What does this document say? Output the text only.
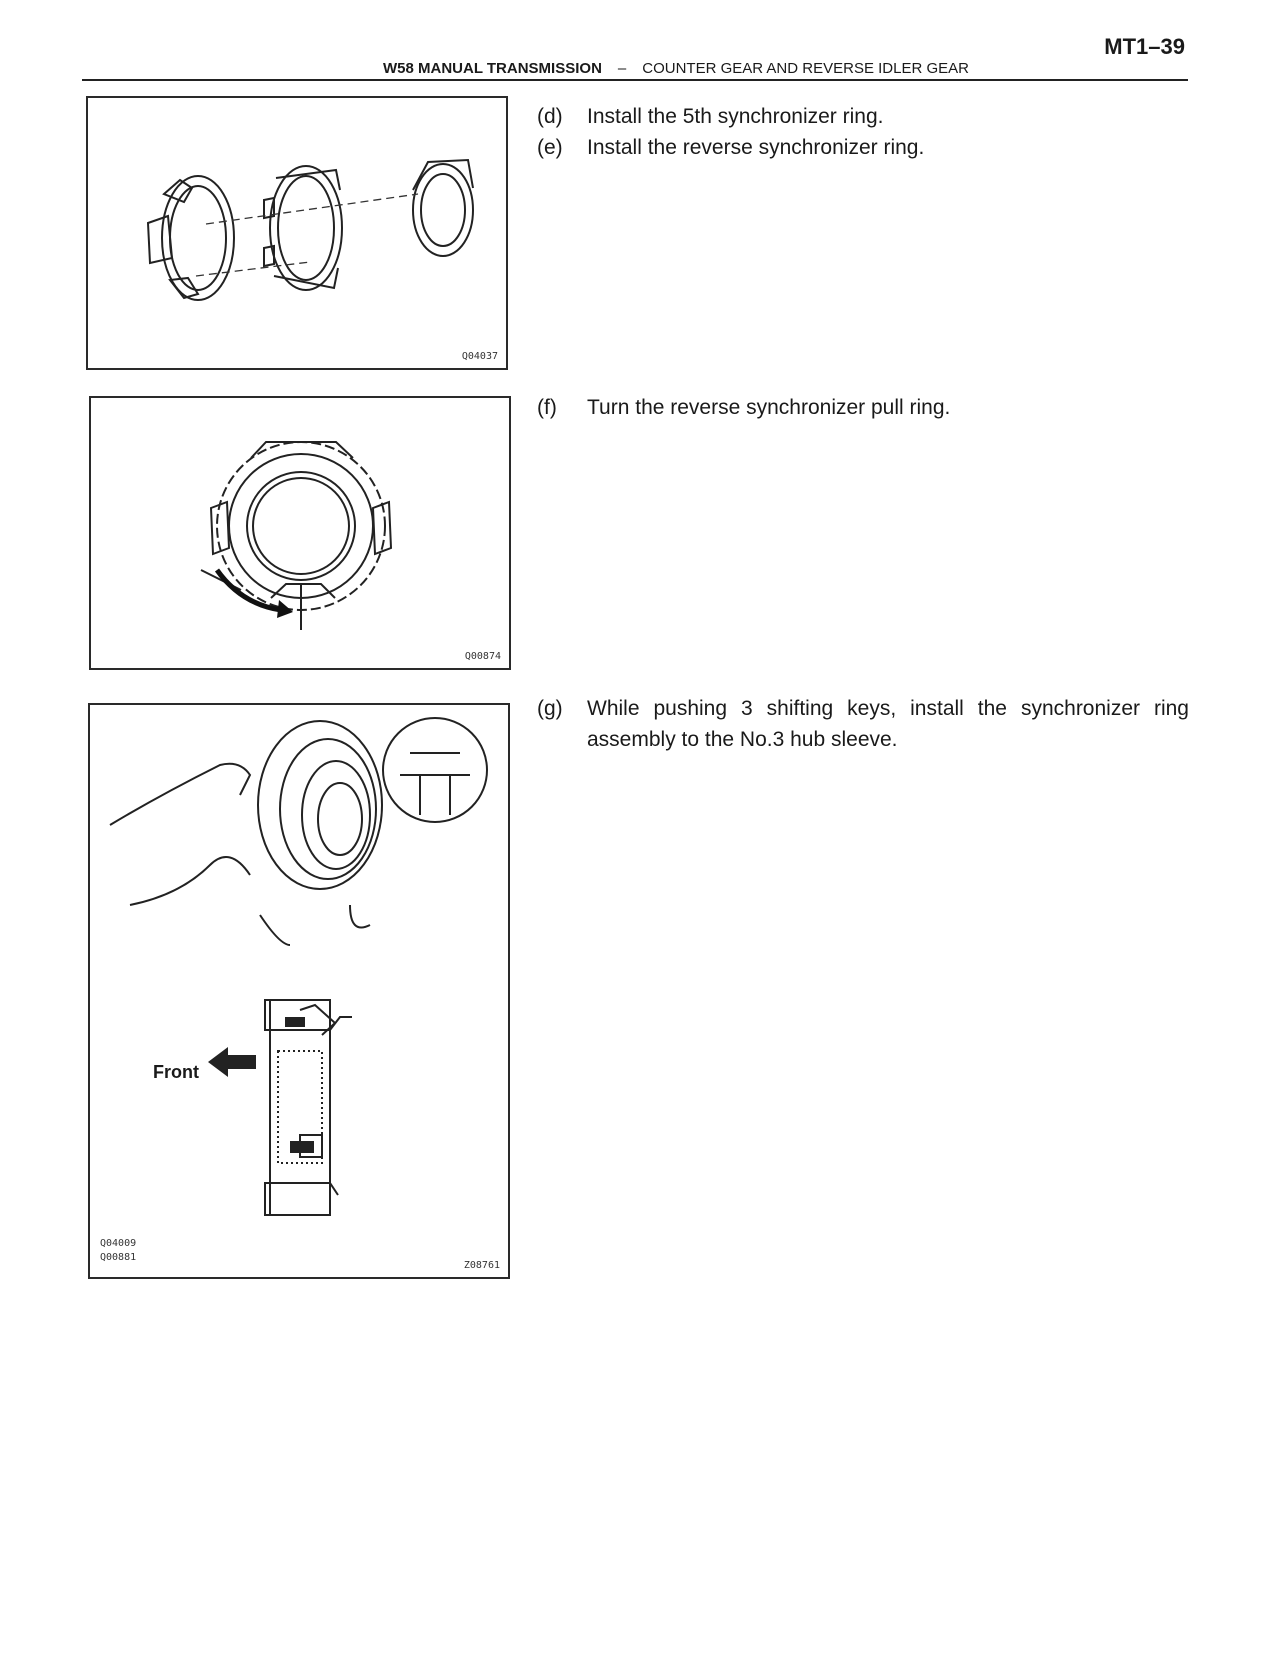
MT1–39
W58 MANUAL TRANSMISSION – COUNTER GEAR AND REVERSE IDLER GEAR
Q04037
Q00874
Front
Q04009
Q00881
Z08761
(d) Install the 5th synchronizer ring.
(e) Install the reverse synchronizer ring.
(f) Turn the reverse synchronizer pull ring.
(g) While pushing 3 shifting keys, install the synchronizer ring assembly to the No.3 hub sleeve.
